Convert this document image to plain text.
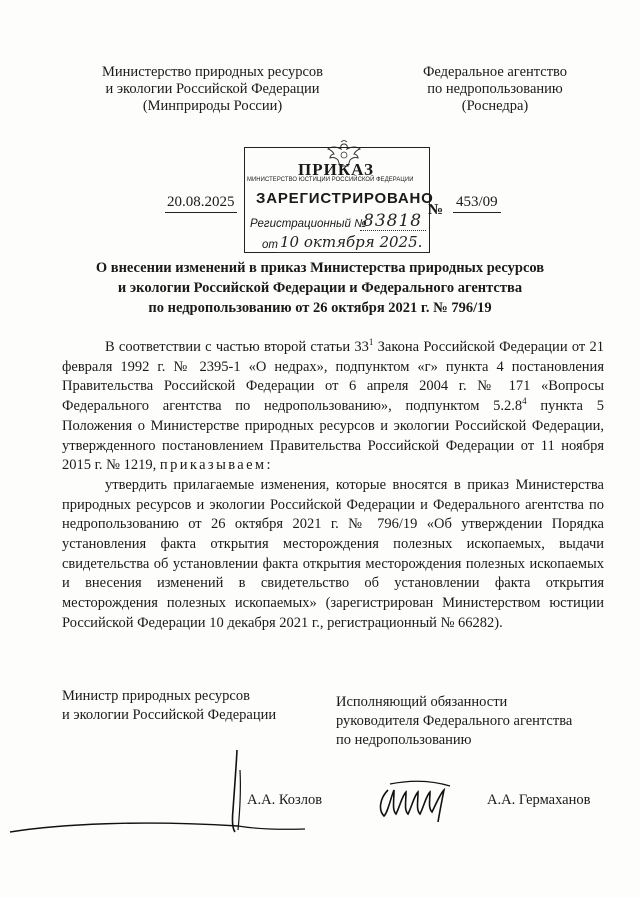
Министерство природных ресурсов
и экологии Российской Федерации
(Минприроды России)
Федеральное агентство
по недропользованию
(Роснедра)
ПРИКАЗ
МИНИСТЕРСТВО ЮСТИЦИИ РОССИЙСКОЙ ФЕДЕРАЦИИ
ЗАРЕГИСТРИРОВАНО
Регистрационный №
83818
от 10 октября 2025.
20.08.2025	№ 453/09
О внесении изменений в приказ Министерства природных ресурсов
и экологии Российской Федерации и Федерального агентства
по недропользованию от 26 октября 2021 г. № 796/19

В соответствии с частью второй статьи $33^1$ Закона Российской Федерации от 21 февраля 1992 г. № 2395-1 «О недрах», подпунктом «г» пункта 4 постановления Правительства Российской Федерации от 6 апреля 2004 г. № 171 «Вопросы Федерального агентства по недропользованию», подпунктом 5.2.8$^4$ пункта 5 Положения о Министерстве природных ресурсов и экологии Российской Федерации, утвержденного постановлением Правительства Российской Федерации от 11 ноября 2015 г. № 1219, приказываем:

утвердить прилагаемые изменения, которые вносятся в приказ Министерства природных ресурсов и экологии Российской Федерации и Федерального агентства по недропользованию от 26 октября 2021 г. № 796/19 «Об утверждении Порядка установления факта открытия месторождения полезных ископаемых, выдачи свидетельства об установлении факта открытия месторождения полезных ископаемых и внесения изменений в свидетельство об установлении факта открытия месторождения полезных ископаемых» (зарегистрирован Министерством юстиции Российской Федерации 10 декабря 2021 г., регистрационный № 66282).

Министр природных ресурсов
и экологии Российской Федерации
А.А. Козлов
Исполняющий обязанности
руководителя Федерального агентства
по недропользованию
А.А. Гермаханов
